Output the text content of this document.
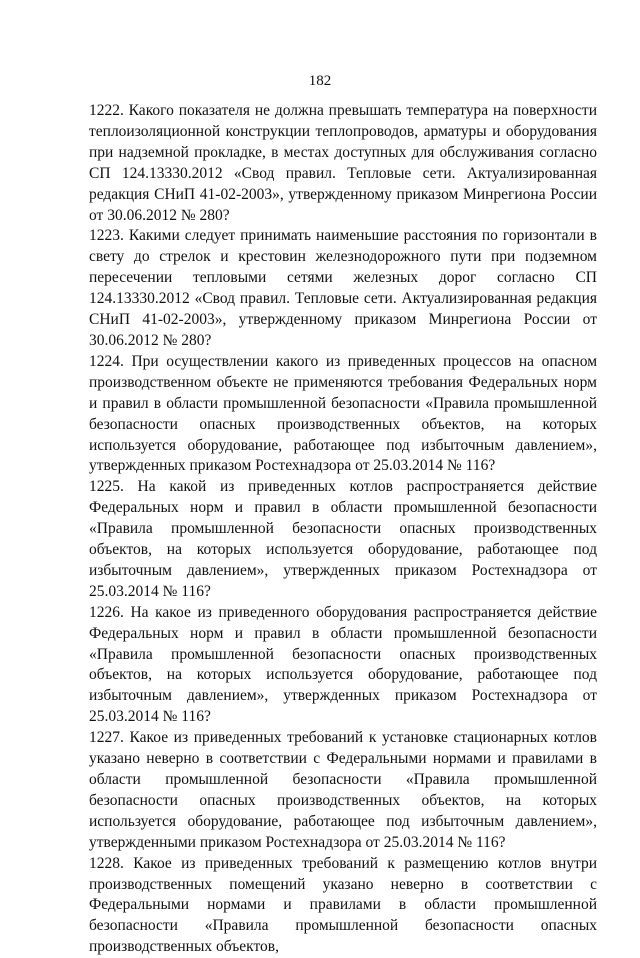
182

1222. Какого показателя не должна превышать температура на поверхности теплоизоляционной конструкции теплопроводов, арматуры и оборудования при надземной прокладке, в местах доступных для обслуживания согласно СП 124.13330.2012 «Свод правил. Тепловые сети. Актуализированная редакция СНиП 41-02-2003», утвержденному приказом Минрегиона России от 30.06.2012 № 280?

1223. Какими следует принимать наименьшие расстояния по горизонтали в свету до стрелок и крестовин железнодорожного пути при подземном пересечении тепловыми сетями железных дорог согласно СП 124.13330.2012 «Свод правил. Тепловые сети. Актуализированная редакция СНиП 41-02-2003», утвержденному приказом Минрегиона России от 30.06.2012 № 280?

1224. При осуществлении какого из приведенных процессов на опасном производственном объекте не применяются требования Федеральных норм и правил в области промышленной безопасности «Правила промышленной безопасности опасных производственных объектов, на которых используется оборудование, работающее под избыточным давлением», утвержденных приказом Ростехнадзора от 25.03.2014 № 116?

1225. На какой из приведенных котлов распространяется действие Федеральных норм и правил в области промышленной безопасности «Правила промышленной безопасности опасных производственных объектов, на которых используется оборудование, работающее под избыточным давлением», утвержденных приказом Ростехнадзора от 25.03.2014 № 116?

1226. На какое из приведенного оборудования распространяется действие Федеральных норм и правил в области промышленной безопасности «Правила промышленной безопасности опасных производственных объектов, на которых используется оборудование, работающее под избыточным давлением», утвержденных приказом Ростехнадзора от 25.03.2014 № 116?

1227. Какое из приведенных требований к установке стационарных котлов указано неверно в соответствии с Федеральными нормами и правилами в области промышленной безопасности «Правила промышленной безопасности опасных производственных объектов, на которых используется оборудование, работающее под избыточным давлением», утвержденными приказом Ростехнадзора от 25.03.2014 № 116?

1228. Какое из приведенных требований к размещению котлов внутри производственных помещений указано неверно в соответствии с Федеральными нормами и правилами в области промышленной безопасности «Правила промышленной безопасности опасных производственных объектов,
